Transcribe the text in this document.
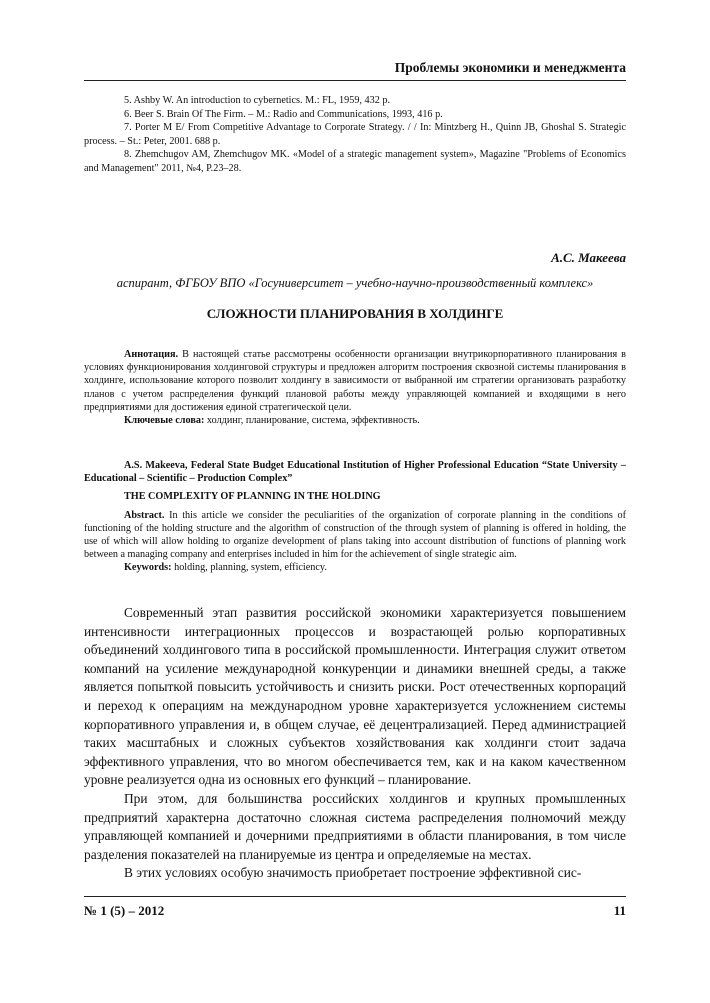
Проблемы экономики и менеджмента

5. Ashby W. An introduction to cybernetics. M.: FL, 1959, 432 p.

6. Beer S. Brain Of The Firm. – M.: Radio and Communications, 1993, 416 p.

7. Porter M E/ From Competitive Advantage to Corporate Strategy. / / In: Mintzberg H., Quinn JB, Ghoshal S. Strategic process. – St.: Peter, 2001. 688 p.

8. Zhemchugov AM, Zhemchugov MK. «Model of a strategic management system», Magazine "Problems of Economics and Management" 2011, №4, P.23–28.

А.С. Макеева
аспирант, ФГБОУ ВПО «Госуниверситет – учебно-научно-производственный комплекс»
СЛОЖНОСТИ ПЛАНИРОВАНИЯ В ХОЛДИНГЕ

Аннотация. В настоящей статье рассмотрены особенности организации внутрикорпоративного планирования в условиях функционирования холдинговой структуры и предложен алгоритм построения сквозной системы планирования в холдинге, использование которого позволит холдингу в зависимости от выбранной им стратегии организовать разработку планов с учетом распределения функций плановой работы между управляющей компанией и входящими в него предприятиями для достижения единой стратегической цели.

Ключевые слова: холдинг, планирование, система, эффективность.

A.S. Makeeva, Federal State Budget Educational Institution of Higher Professional Education “State University – Educational – Scientific – Production Complex”

THE COMPLEXITY OF PLANNING IN THE HOLDING

Abstract. In this article we consider the peculiarities of the organization of corporate planning in the conditions of functioning of the holding structure and the algorithm of construction of the through system of planning is offered in holding, the use of which will allow holding to organize development of plans taking into account distribution of functions of planning work between a managing company and enterprises included in him for the achievement of single strategic aim.

Keywords: holding, planning, system, efficiency.

Современный этап развития российской экономики характеризуется повышением интенсивности интеграционных процессов и возрастающей ролью корпоративных объединений холдингового типа в российской промышленности. Интеграция служит ответом компаний на усиление международной конкуренции и динамики внешней среды, а также является попыткой повысить устойчивость и снизить риски. Рост отечественных корпораций и переход к операциям на международном уровне характеризуется усложнением системы корпоративного управления и, в общем случае, её децентрализацией. Перед администрацией таких масштабных и сложных субъектов хозяйствования как холдинги стоит задача эффективного управления, что во многом обеспечивается тем, как и на каком качественном уровне реализуется одна из основных его функций – планирование.

При этом, для большинства российских холдингов и крупных промышленных предприятий характерна достаточно сложная система распределения полномочий между управляющей компанией и дочерними предприятиями в области планирования, в том числе разделения показателей на планируемые из центра и определяемые на местах.

В этих условиях особую значимость приобретает построение эффективной сис-

№ 1 (5) – 2012	11
